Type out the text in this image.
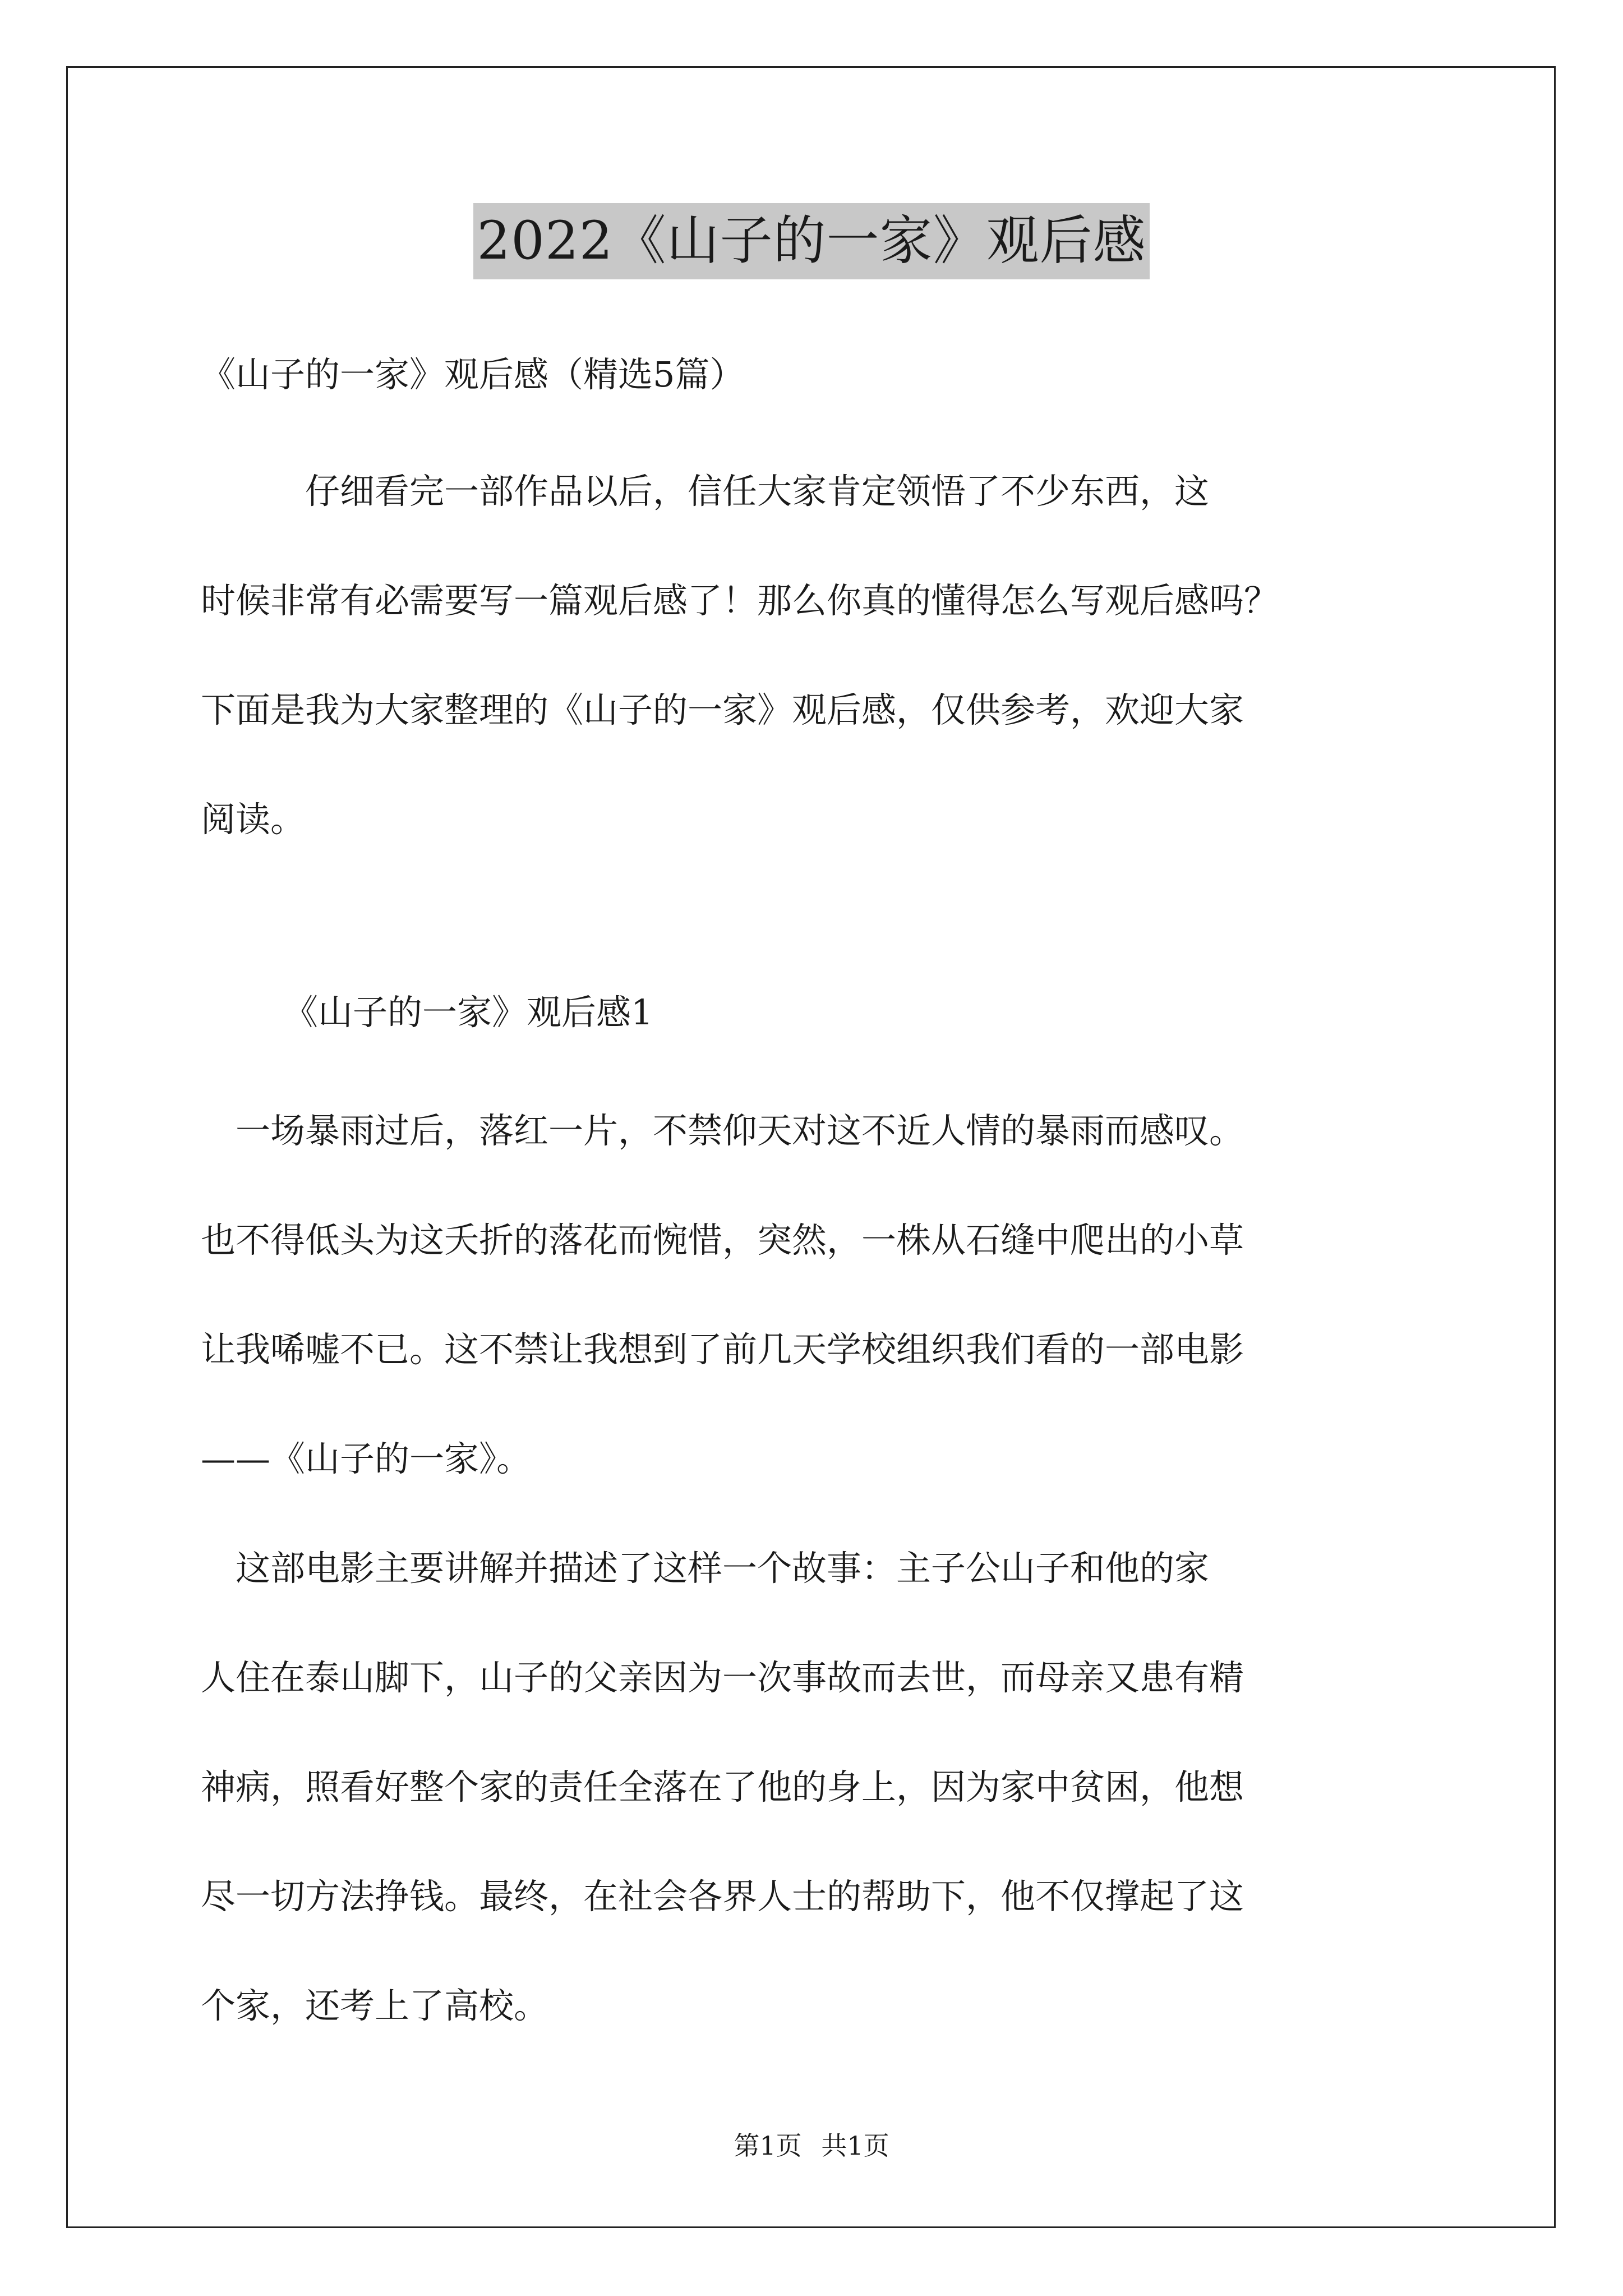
2022《山子的一家》观后感
《山子的一家》观后感（精选5篇）
　　　仔细看完一部作品以后，信任大家肯定领悟了不少东西，这
时候非常有必需要写一篇观后感了！那么你真的懂得怎么写观后感吗？
下面是我为大家整理的《山子的一家》观后感，仅供参考，欢迎大家
阅读。
《山子的一家》观后感1
　一场暴雨过后，落红一片，不禁仰天对这不近人情的暴雨而感叹。
也不得低头为这夭折的落花而惋惜，突然，一株从石缝中爬出的小草
让我唏嘘不已。这不禁让我想到了前几天学校组织我们看的一部电影
——《山子的一家》。
　这部电影主要讲解并描述了这样一个故事：主子公山子和他的家
人住在泰山脚下，山子的父亲因为一次事故而去世，而母亲又患有精
神病，照看好整个家的责任全落在了他的身上，因为家中贫困，他想
尽一切方法挣钱。最终，在社会各界人士的帮助下，他不仅撑起了这
个家，还考上了高校。
第1页 共1页
